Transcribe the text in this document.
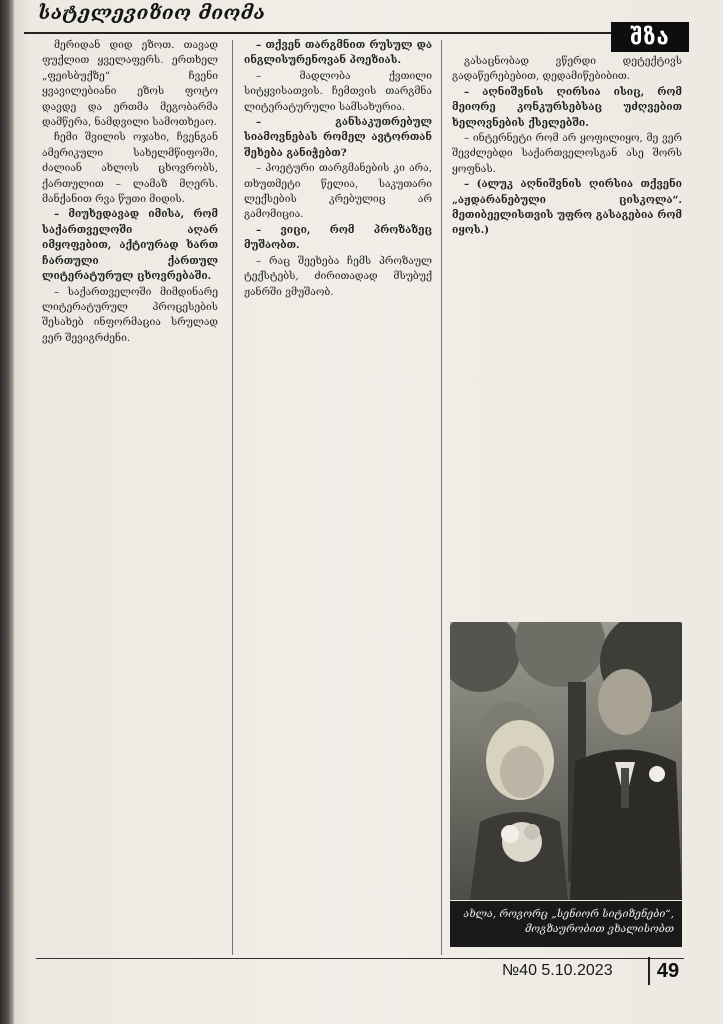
სატელევიზიო მიომა
შზა

მერიდან დიდ ეზოთ. თავად ფუქლით ყველაფერს. ერთხელ „ფეისბუქზე“ ჩვენი ყვავილებიანი ეზოს ფოტო დავდე და ერთმა მეგობარმა დამწერა, ნამდვილი სამოთხეაო.

ჩემი შვილის ოჯახი, ჩვენგან ამერიკული სახელმწიფოში, ძალიან ახლოს ცხოვრობს, ქართულით – ლამაზ მღერს. მანქანით რვა წუთი მიდის.

– მიუხედავად იმისა, რომ საქართველოში აღარ იმყოფებით, აქტიურად ხართ ჩართული ქართულ ლიტერატურულ ცხოვრებაში.

– საქართველოში მიმდინარე ლიტერატურულ პროცესების შესახებ ინფორმაცია სრულად ვერ შევიგრძენი.

– თქვენ თარგმნით რუსულ და ინგლისურენოვან პოეზიას.

– მადლობა ქვთილი სიტყვისათვის. ჩემთვის თარგმნა ლიტერატურული სამსახურია.

– განსაკუთრებულ სიამოვნებას რომელ ავტორთან შეხება განიჭებთ?

– პოეტური თარგმანების კი არა, თხუთმეტი წელია, საკუთარი ლექსების კრებულიც არ გამომიცია.

– ვიცი, რომ პროზაზეც მუშაობთ.

– რაც შეეხება ჩემს პროზაულ ტექსტებს, ძირითადად მსუბუქ ჟანრში ვმუშაობ.

გასაცნობად ვწერდი დეტექტივს გადაწერებებით, დედამიწებიბით.

– აღნიშვნის ღირსია ისიც, რომ მეიორე კონკურსებსაც უძღვებით ხელოვნების ქსელებში.

– ინტერნეტი რომ არ ყოფილიყო, მე ვერ შევძლებდი საქართველოსგან ასე შორს ყოფნას.

– (ალუკ აღნიშვნის ღირსია თქვენი „აჟდარანებული ცისკოლა“. მეთიბეელისთვის უფრო გასაგებია რომ იყოს.)

ახლა, როგორც „სენიორ სიტიზენები“, მოგზაურობით ვხალისობთ
№40 5.10.2023	49
